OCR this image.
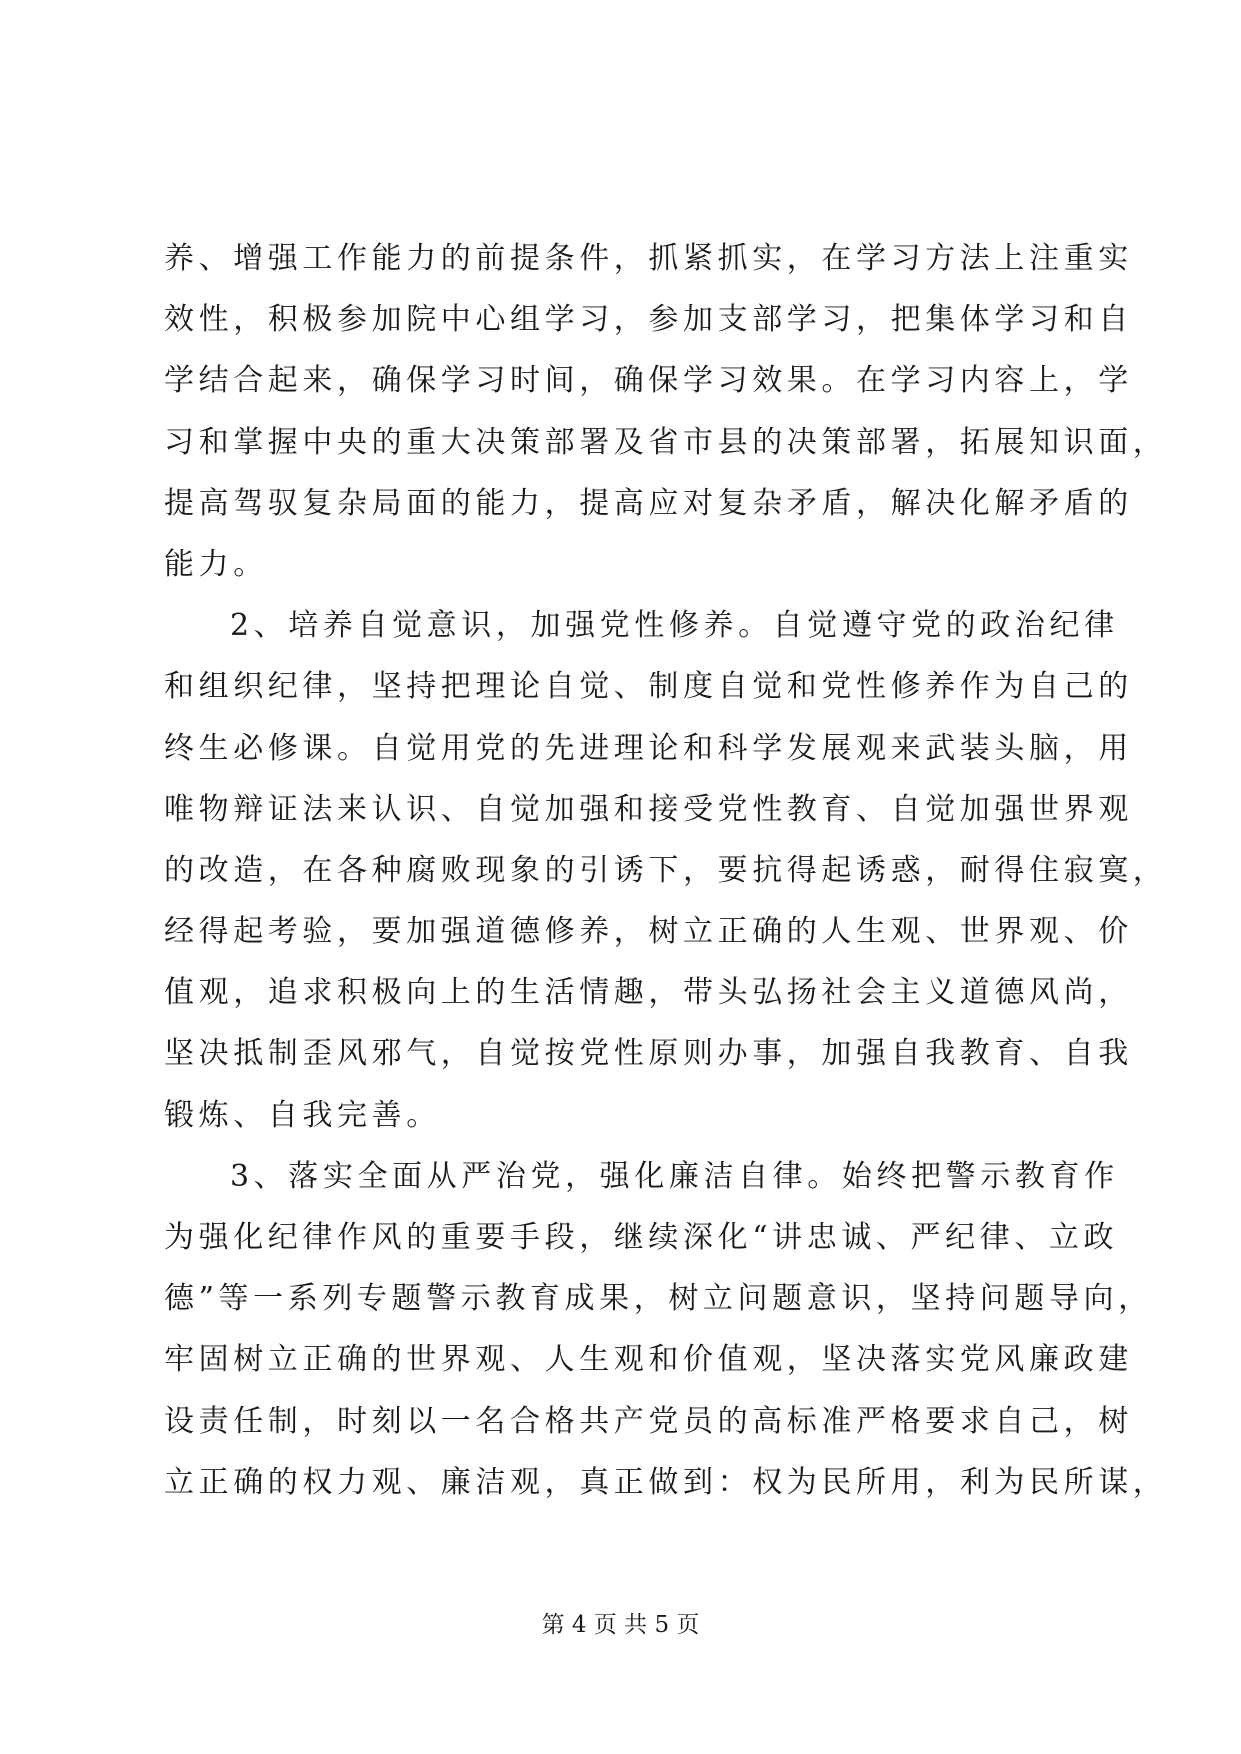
养、增强工作能力的前提条件，抓紧抓实，在学习方法上注重实
效性，积极参加院中心组学习，参加支部学习，把集体学习和自
学结合起来，确保学习时间，确保学习效果。在学习内容上，学
习和掌握中央的重大决策部署及省市县的决策部署，拓展知识面，
提高驾驭复杂局面的能力，提高应对复杂矛盾，解决化解矛盾的
能力。
2、培养自觉意识，加强党性修养。自觉遵守党的政治纪律
和组织纪律，坚持把理论自觉、制度自觉和党性修养作为自己的
终生必修课。自觉用党的先进理论和科学发展观来武装头脑，用
唯物辩证法来认识、自觉加强和接受党性教育、自觉加强世界观
的改造，在各种腐败现象的引诱下，要抗得起诱惑，耐得住寂寞，
经得起考验，要加强道德修养，树立正确的人生观、世界观、价
值观，追求积极向上的生活情趣，带头弘扬社会主义道德风尚，
坚决抵制歪风邪气，自觉按党性原则办事，加强自我教育、自我
锻炼、自我完善。
3、落实全面从严治党，强化廉洁自律。始终把警示教育作
为强化纪律作风的重要手段，继续深化“讲忠诚、严纪律、立政
德”等一系列专题警示教育成果，树立问题意识，坚持问题导向，
牢固树立正确的世界观、人生观和价值观，坚决落实党风廉政建
设责任制，时刻以一名合格共产党员的高标准严格要求自己，树
立正确的权力观、廉洁观，真正做到：权为民所用，利为民所谋，
第 4 页 共 5 页
